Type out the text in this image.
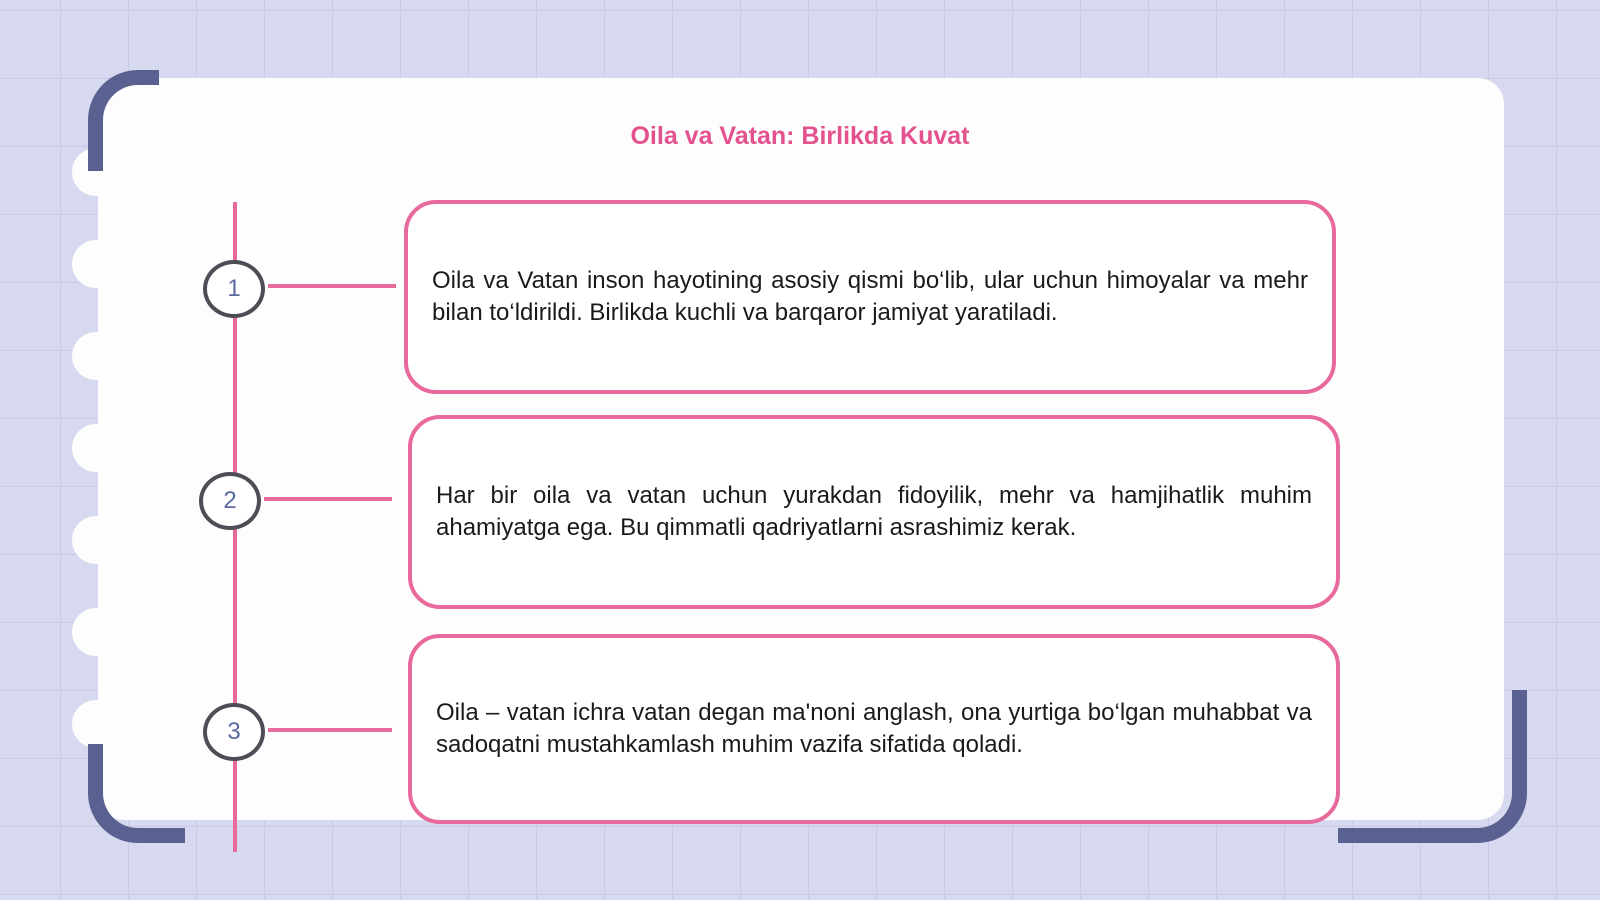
Oila va Vatan: Birlikda Kuvat
1	Oila va Vatan inson hayotining asosiy qismi bo‘lib, ular uchun himoyalar va mehr bilan to‘ldirildi. Birlikda kuchli va barqaror jamiyat yaratiladi.
2	Har bir oila va vatan uchun yurakdan fidoyilik, mehr va hamjihatlik muhim ahamiyatga ega. Bu qimmatli qadriyatlarni asrashimiz kerak.
3
Oila – vatan ichra vatan degan ma'noni anglash, ona yurtiga bo‘lgan muhabbat va sadoqatni mustahkamlash muhim vazifa sifatida qoladi.
